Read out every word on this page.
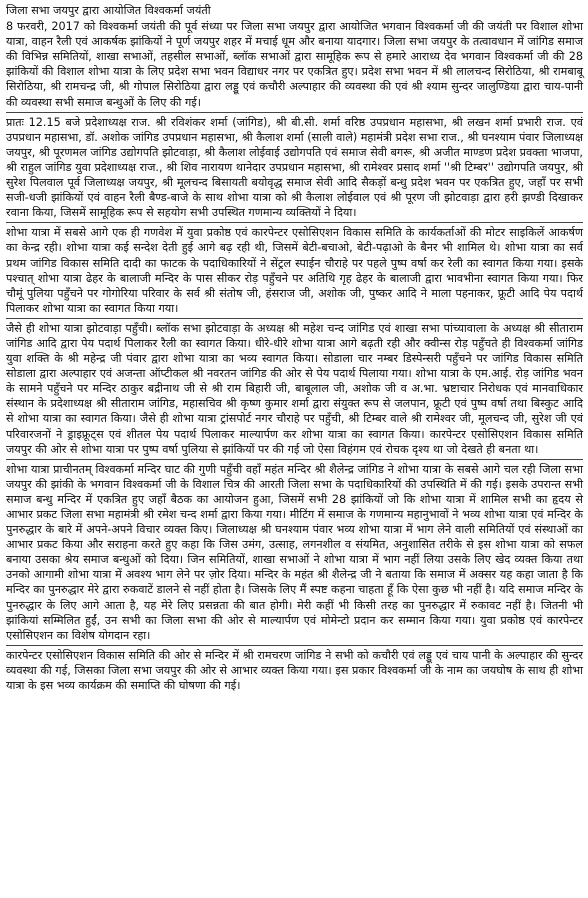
जिला सभा जयपुर द्वारा आयोजित विश्वकर्मा जयंती

8 फरवरी, 2017 को विश्वकर्मा जयंती की पूर्व संध्या पर जिला सभा जयपुर द्वारा आयोजित भगवान विश्वकर्मा जी की जयंती पर विशाल शोभा यात्रा, वाहन रैली एवं आकर्षक झांकियों ने पूर्ण जयपुर शहर में मचाई धूम और बनाया यादगार। जिला सभा जयपुर के तत्वावधान में जांगिड समाज की विभिन्न समितियों, शाखा सभाओं, तहसील सभाओं, ब्लॉक सभाओं द्वारा सामूहिक रूप से हमारे आराध्य देव भगवान विश्वकर्मा जी की 28 झांकियों की विशाल शोभा यात्रा के लिए प्रदेश सभा भवन विद्याधर नगर पर एकत्रित हुए। प्रदेश सभा भवन में श्री लालचन्द सिरोठिया, श्री रामबाबू सिरोठिया, श्री रामचन्द्र जी, श्री गोपाल सिरोठिया द्वारा लड्डू एवं कचौरी अल्पाहार की व्यवस्था की एवं श्री श्याम सुन्दर जालुण्डिया द्वारा चाय-पानी की व्यवस्था सभी समाज बन्धुओं के लिए की गई।

प्रातः 12.15 बजे प्रदेशाध्यक्ष राज. श्री रविशंकर शर्मा (जांगिड), श्री बी.सी. शर्मा वरिष्ठ उपप्रधान महासभा, श्री लखन शर्मा प्रभारी राज. एवं उपप्रधान महासभा, डॉ. अशोक जांगिड उपप्रधान महासभा, श्री कैलाश शर्मा (साली वाले) महामंत्री प्रदेश सभा राज., श्री घनश्याम पंवार जिलाध्यक्ष जयपुर, श्री पूरणमल जांगिड उद्योगपति झोटवाड़ा, श्री कैलाश लोईवाई उद्योगपति एवं समाज सेवी बगरू, श्री अजीत माण्डण प्रदेश प्रवक्ता भाजपा, श्री राहुल जांगिड युवा प्रदेशाध्यक्ष राज., श्री शिव नारायण थानेदार उपप्रधान महासभा, श्री रामेश्वर प्रसाद शर्मा ''श्री टिम्बर'' उद्योगपति जयपुर, श्री सुरेश पिलवाल पूर्व जिलाध्यक्ष जयपुर, श्री मूलचन्द बिसायती बयोवृद्ध समाज सेवी आदि सैकड़ों बन्धु प्रदेश भवन पर एकत्रित हुए, जहाँ पर सभी सजी-धजी झांकियों एवं वाहन रैली बैण्ड-बाजे के साथ शोभा यात्रा को श्री कैलाश लोईवाल एवं श्री पूरण जी झोटवाड़ा द्वारा हरी झण्डी दिखाकर रवाना किया, जिसमें सामूहिक रूप से सहयोग सभी उपस्थित गणमान्य व्यक्तियों ने दिया।

शोभा यात्रा में सबसे आगे एक ही गणवेश में युवा प्रकोष्ठ एवं कारपेन्टर एसोसिएशन विकास समिति के कार्यकर्ताओं की मोटर साइकिलें आकर्षण का केन्द्र रही। शोभा यात्रा कई सन्देश देती हुई आगे बढ़ रही थी, जिसमें बेटी-बचाओ, बेटी-पढ़ाओ के बैनर भी शामिल थे। शोभा यात्रा का सर्व प्रथम जांगिड विकास समिति दादी का फाटक के पदाधिकारियों ने सेंट्रल स्पाईन चौराहे पर पहले पुष्प वर्षा कर रेली का स्वागत किया गया। इसके पश्चात् शोभा यात्रा ढेहर के बालाजी मन्दिर के पास सीकर रोड़ पहुँचने पर अतिथि गृह ढेहर के बालाजी द्वारा भावभीना स्वागत किया गया। फिर चौमूं पुलिया पहुँचने पर गोगोरिया परिवार के सर्व श्री संतोष जी, हंसराज जी, अशोक जी, पुष्कर आदि ने माला पहनाकर, फ्रूटी आदि पेय पदार्थ पिलाकर शोभा यात्रा का स्वागत किया गया।

जैसे ही शोभा यात्रा झोटवाड़ा पहुँची। ब्लॉक सभा झोटवाड़ा के अध्यक्ष श्री महेश चन्द जांगिड एवं शाखा सभा पांच्यावाला के अध्यक्ष श्री सीताराम जांगिड आदि द्वारा पेय पदार्थ पिलाकर रैली का स्वागत किया। धीरे-धीरे शोभा यात्रा आगे बढ़ती रही और क्वीन्स रोड़ पहुँचते ही विश्वकर्मा जांगिड युवा शक्ति के श्री महेन्द्र जी पंवार द्वारा शोभा यात्रा का भव्य स्वागत किया। सोडाला चार नम्बर डिस्पेन्सरी पहुँचने पर जांगिड विकास समिति सोडाला द्वारा अल्पाहार एवं अजन्ता ऑप्टीकल श्री नवरतन जांगिड की ओर से पेय पदार्थ पिलाया गया। शोभा यात्रा के एम.आई. रोड़ जांगिड भवन के सामने पहुँचने पर मन्दिर ठाकुर बद्रीनाथ जी से श्री राम बिहारी जी, बाबूलाल जी, अशोक जी व अ.भा. भ्रष्टाचार निरोधक एवं मानवाधिकार संस्थान के प्रदेशाध्यक्ष श्री सीताराम जांगिड, महासचिव श्री कृष्ण कुमार शर्मा द्वारा संयुक्त रूप से जलपान, फ्रूटी एवं पुष्प वर्षा तथा बिस्कुट आदि से शोभा यात्रा का स्वागत किया। जैसे ही शोभा यात्रा ट्रांसपोर्ट नगर चौराहे पर पहुँची, श्री टिम्बर वाले श्री रामेश्वर जी, मूलचन्द जी, सुरेश जी एवं परिवारजनों ने ड्राइफ्रूट्स एवं शीतल पेय पदार्थ पिलाकर माल्यार्पण कर शोभा यात्रा का स्वागत किया। कारपेन्टर एसोसिएशन विकास समिति जयपुर की ओर से शोभा यात्रा पर पुष्प वर्षा पुलिया से झांकियों पर की गई जो ऐसा विहंगम एवं रोचक दृश्य था जो देखते ही बनता था।

शोभा यात्रा प्राचीनतम् विश्वकर्मा मन्दिर घाट की गुणी पहुँची वहाँ महंत मन्दिर श्री शैलेन्द्र जांगिड ने शोभा यात्रा के सबसे आगे चल रही जिला सभा जयपुर की झांकी के भगवान विश्वकर्मा जी के विशाल चित्र की आरती जिला सभा के पदाधिकारियों की उपस्थिति में की गई। इसके उपरान्त सभी समाज बन्धु मन्दिर में एकत्रित हुए जहाँ बैठक का आयोजन हुआ, जिसमें सभी 28 झांकियों जो कि शोभा यात्रा में शामिल सभी का हृदय से आभार प्रकट जिला सभा महामंत्री श्री रमेश चन्द शर्मा द्वारा किया गया। मीटिंग में समाज के गणमान्य महानुभावों ने भव्य शोभा यात्रा एवं मन्दिर के पुनरुद्धार के बारे में अपने-अपने विचार व्यक्त किए। जिलाध्यक्ष श्री घनश्याम पंवार भव्य शोभा यात्रा में भाग लेने वाली समितियों एवं संस्थाओं का आभार प्रकट किया और सराहना करते हुए कहा कि जिस उमंग, उत्साह, लगनशील व संयमित, अनुशासित तरीके से इस शोभा यात्रा को सफल बनाया उसका श्रेय समाज बन्धुओं को दिया। जिन समितियों, शाखा सभाओं ने शोभा यात्रा में भाग नहीं लिया उसके लिए खेद व्यक्त किया तथा उनको आगामी शोभा यात्रा में अवश्य भाग लेने पर ज़ोर दिया। मन्दिर के महंत श्री शैलेन्द्र जी ने बताया कि समाज में अक्सर यह कहा जाता है कि मन्दिर का पुनरुद्धार मेरे द्वारा रुकवाटें डालने से नहीं होता है। जिसके लिए मैं स्पष्ट कहना चाहता हूँ कि ऐसा कुछ भी नहीं है। यदि समाज मन्दिर के पुनरुद्धार के लिए आगे आता है, यह मेरे लिए प्रसन्नता की बात होगी। मेरी कहीं भी किसी तरह का पुनरुद्धार में रुकावट नहीं है। जितनी भी झांकियां सम्मिलित हुईं, उन सभी का जिला सभा की ओर से माल्यार्पण एवं मोमेन्टो प्रदान कर सम्मान किया गया। युवा प्रकोष्ठ एवं कारपेन्टर एसोसिएशन का विशेष योगदान रहा।

कारपेन्टर एसोसिएशन विकास समिति की ओर से मन्दिर में श्री रामचरण जांगिड ने सभी को कचौरी एवं लड्डू एवं चाय पानी के अल्पाहार की सुन्दर व्यवस्था की गई, जिसका जिला सभा जयपुर की ओर से आभार व्यक्त किया गया। इस प्रकार विश्वकर्मा जी के नाम का जयघोष के साथ ही शोभा यात्रा के इस भव्य कार्यक्रम की समाप्ति की घोषणा की गई।
